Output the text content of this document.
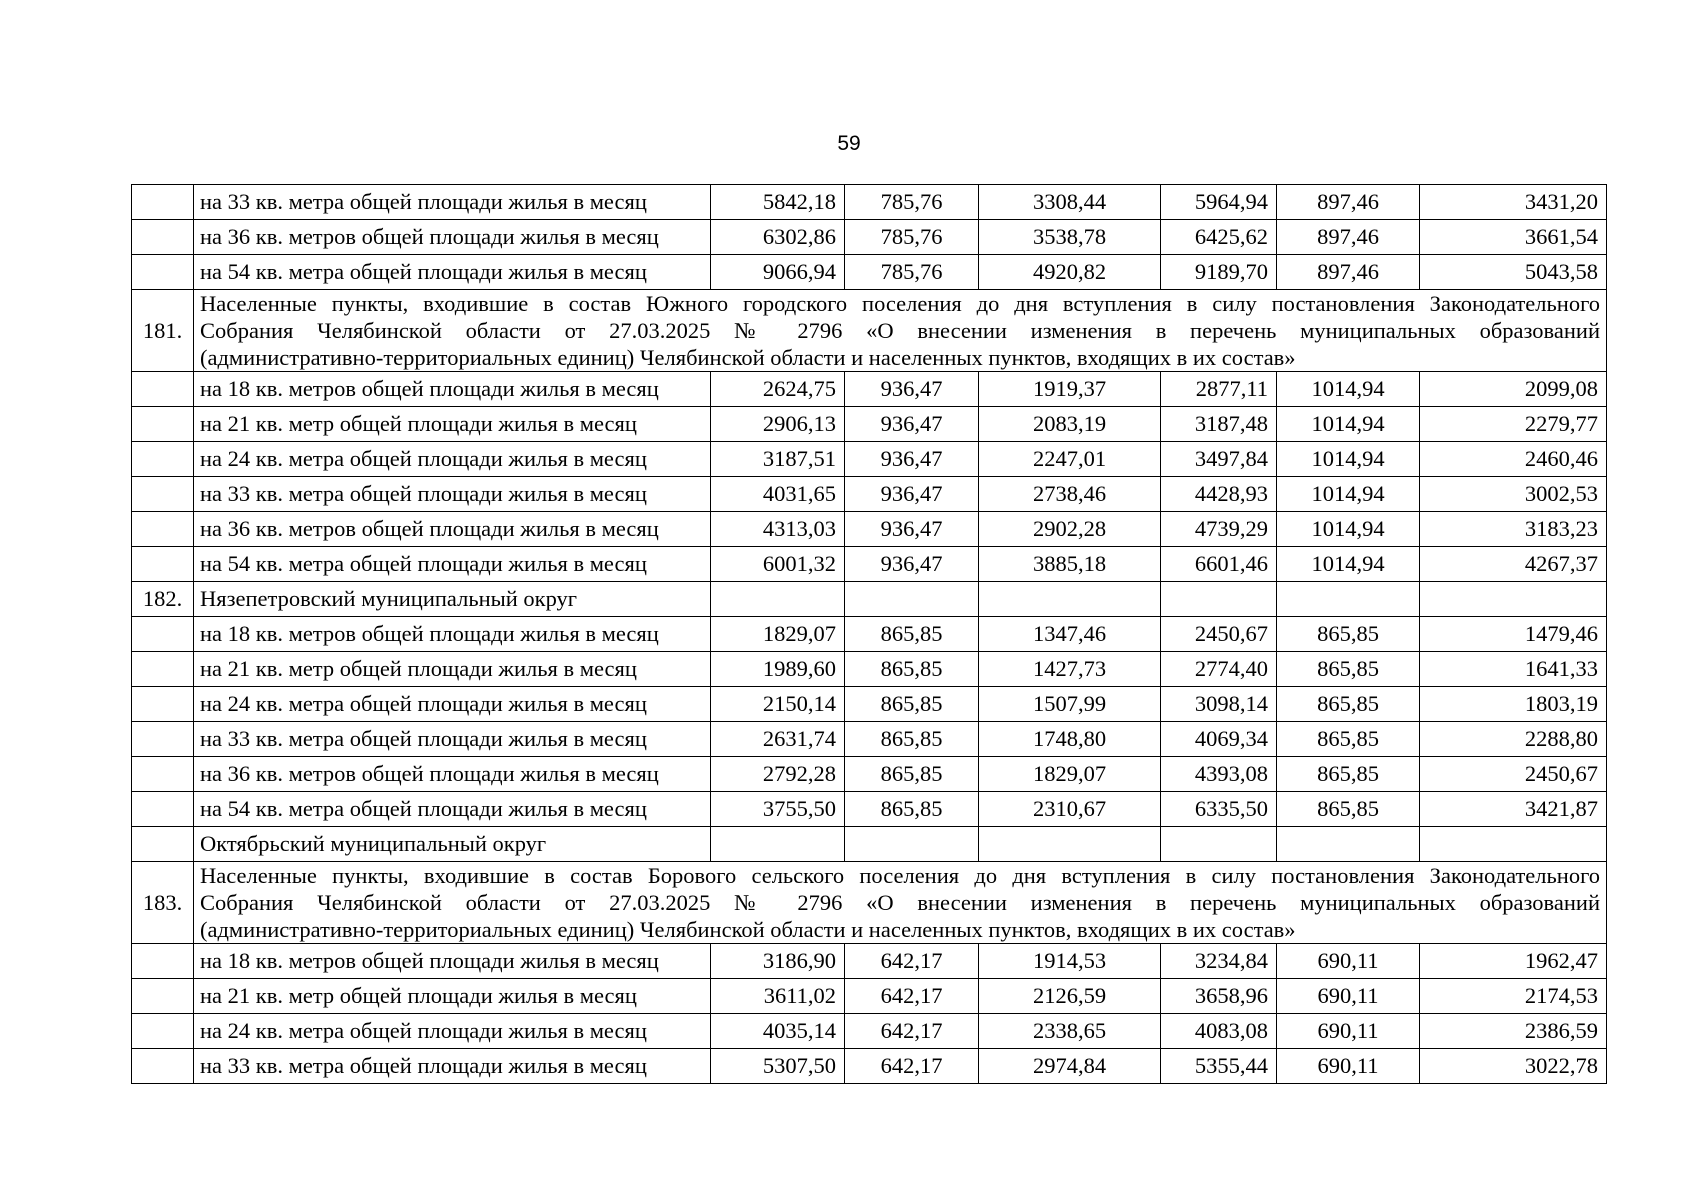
59
	на 33 кв. метра общей площади жилья в месяц	5842,18	785,76	3308,44	5964,94	897,46	3431,20
	на 36 кв. метров общей площади жилья в месяц	6302,86	785,76	3538,78	6425,62	897,46	3661,54
	на 54 кв. метра общей площади жилья в месяц	9066,94	785,76	4920,82	9189,70	897,46	5043,58
181.	Населенные пункты, входившие в состав Южного городского поселения до дня вступления в силу постановления Законодательного
Собрания Челябинской области от 27.03.2025 № 2796 «О внесении изменения в перечень муниципальных образований
(административно-территориальных единиц) Челябинской области и населенных пунктов, входящих в их состав»						

	на 18 кв. метров общей площади жилья в месяц	2624,75	936,47	1919,37	2877,11	1014,94	2099,08
	на 21 кв. метр общей площади жилья в месяц	2906,13	936,47	2083,19	3187,48	1014,94	2279,77
	на 24 кв. метра общей площади жилья в месяц	3187,51	936,47	2247,01	3497,84	1014,94	2460,46
	на 33 кв. метра общей площади жилья в месяц	4031,65	936,47	2738,46	4428,93	1014,94	3002,53
	на 36 кв. метров общей площади жилья в месяц	4313,03	936,47	2902,28	4739,29	1014,94	3183,23
	на 54 кв. метра общей площади жилья в месяц	6001,32	936,47	3885,18	6601,46	1014,94	4267,37
182.	Нязепетровский муниципальный округ						
	на 18 кв. метров общей площади жилья в месяц	1829,07	865,85	1347,46	2450,67	865,85	1479,46
	на 21 кв. метр общей площади жилья в месяц	1989,60	865,85	1427,73	2774,40	865,85	1641,33
	на 24 кв. метра общей площади жилья в месяц	2150,14	865,85	1507,99	3098,14	865,85	1803,19
	на 33 кв. метра общей площади жилья в месяц	2631,74	865,85	1748,80	4069,34	865,85	2288,80
	на 36 кв. метров общей площади жилья в месяц	2792,28	865,85	1829,07	4393,08	865,85	2450,67
	на 54 кв. метра общей площади жилья в месяц	3755,50	865,85	2310,67	6335,50	865,85	3421,87
	Октябрьский муниципальный округ						
183.	Населенные пункты, входившие в состав Борового сельского поселения до дня вступления в силу постановления Законодательного
Собрания Челябинской области от 27.03.2025 № 2796 «О внесении изменения в перечень муниципальных образований
(административно-территориальных единиц) Челябинской области и населенных пунктов, входящих в их состав»						

	на 18 кв. метров общей площади жилья в месяц	3186,90	642,17	1914,53	3234,84	690,11	1962,47
	на 21 кв. метр общей площади жилья в месяц	3611,02	642,17	2126,59	3658,96	690,11	2174,53
	на 24 кв. метра общей площади жилья в месяц	4035,14	642,17	2338,65	4083,08	690,11	2386,59
	на 33 кв. метра общей площади жилья в месяц	5307,50	642,17	2974,84	5355,44	690,11	3022,78
